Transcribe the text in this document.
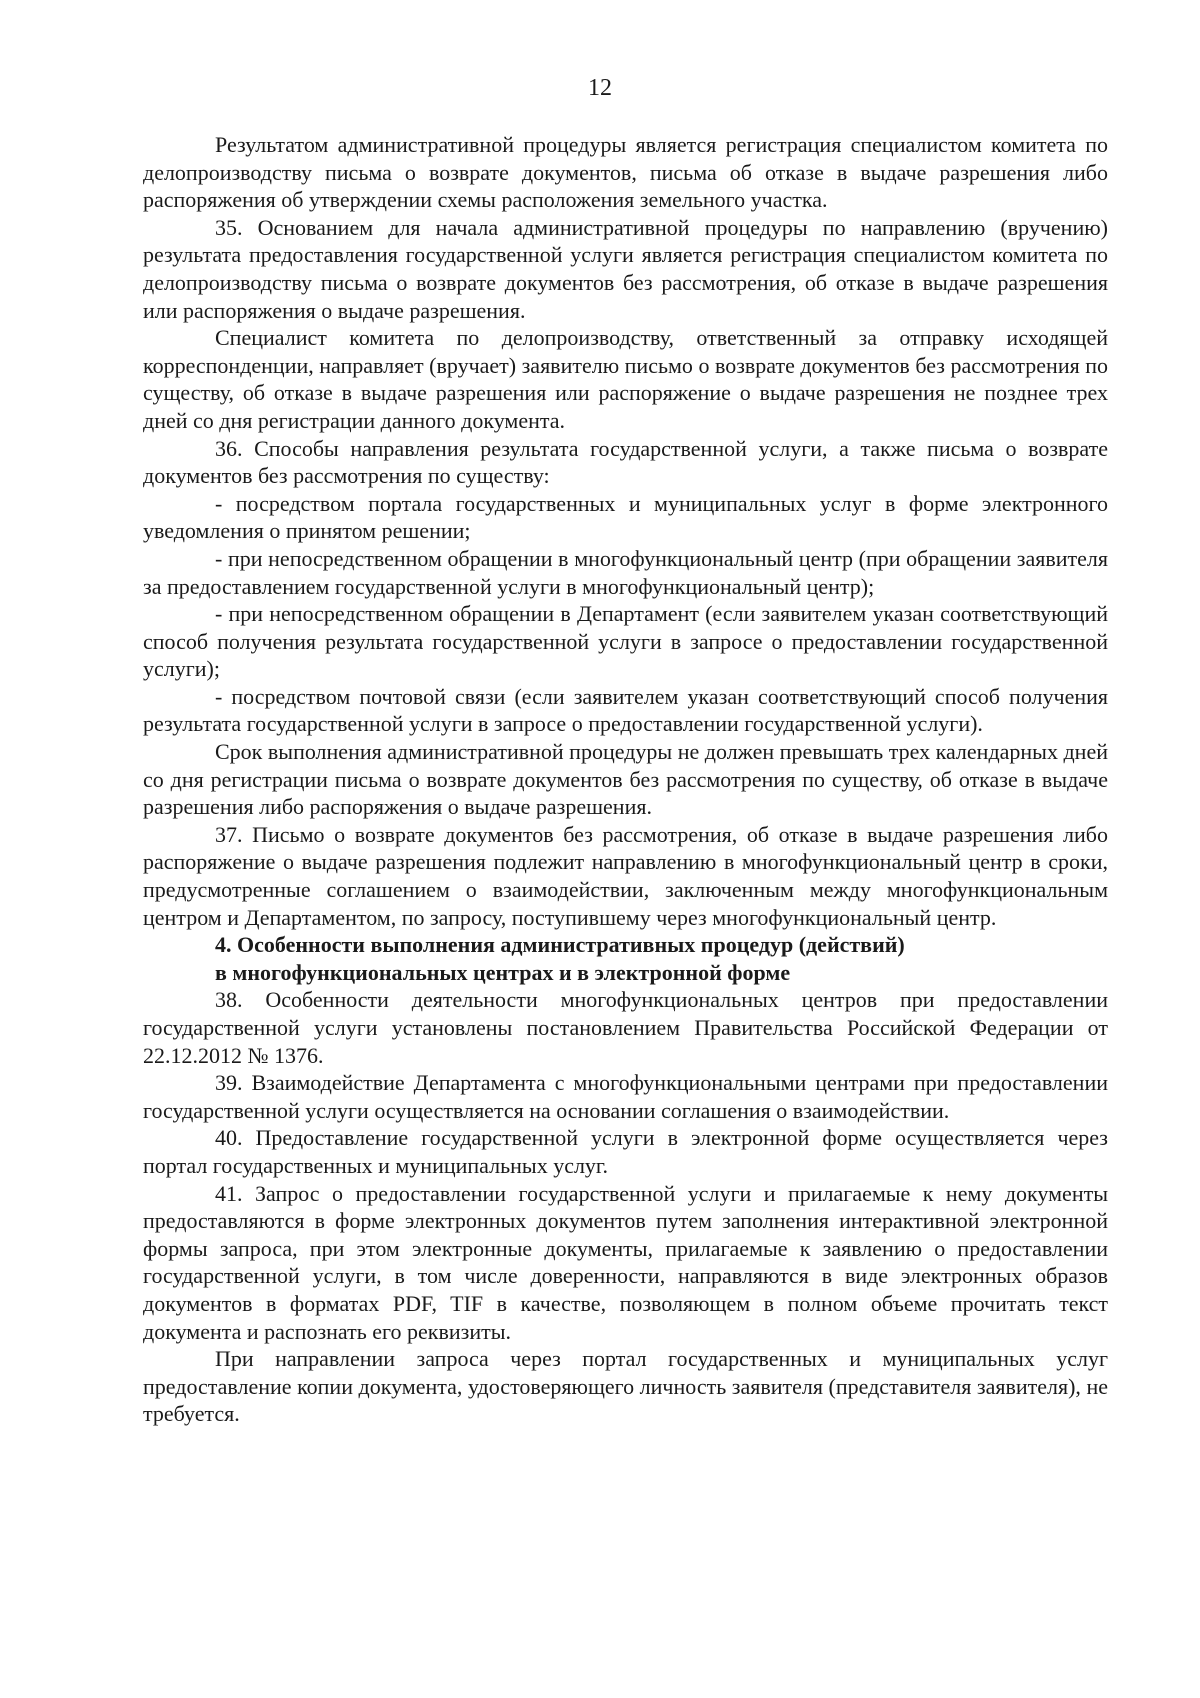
12

Результатом административной процедуры является регистрация специалистом комитета по делопроизводству письма о возврате документов, письма об отказе в выдаче разрешения либо распоряжения об утверждении схемы расположения земельного участка.

35. Основанием для начала административной процедуры по направлению (вручению) результата предоставления государственной услуги является регистрация специалистом комитета по делопроизводству письма о возврате документов без рассмотрения, об отказе в выдаче разрешения или распоряжения о выдаче разрешения.

Специалист комитета по делопроизводству, ответственный за отправку исходящей корреспонденции, направляет (вручает) заявителю письмо о возврате документов без рассмотрения по существу, об отказе в выдаче разрешения или распоряжение о выдаче разрешения не позднее трех дней со дня регистрации данного документа.

36. Способы направления результата государственной услуги, а также письма о возврате документов без рассмотрения по существу:

- посредством портала государственных и муниципальных услуг в форме электронного уведомления о принятом решении;

- при непосредственном обращении в многофункциональный центр (при обращении заявителя за предоставлением государственной услуги в многофункциональный центр);

- при непосредственном обращении в Департамент (если заявителем указан соответствующий способ получения результата государственной услуги в запросе о предоставлении государственной услуги);

- посредством почтовой связи (если заявителем указан соответствующий способ получения результата государственной услуги в запросе о предоставлении государственной услуги).

Срок выполнения административной процедуры не должен превышать трех календарных дней со дня регистрации письма о возврате документов без рассмотрения по существу, об отказе в выдаче разрешения либо распоряжения о выдаче разрешения.

37. Письмо о возврате документов без рассмотрения, об отказе в выдаче разрешения либо распоряжение о выдаче разрешения подлежит направлению в многофункциональный центр в сроки, предусмотренные соглашением о взаимодействии, заключенным между многофункциональным центром и Департаментом, по запросу, поступившему через многофункциональный центр.

4. Особенности выполнения административных процедур (действий)
в многофункциональных центрах и в электронной форме

38. Особенности деятельности многофункциональных центров при предоставлении государственной услуги установлены постановлением Правительства Российской Федерации от 22.12.2012 № 1376.

39. Взаимодействие Департамента с многофункциональными центрами при предоставлении государственной услуги осуществляется на основании соглашения о взаимодействии.

40. Предоставление государственной услуги в электронной форме осуществляется через портал государственных и муниципальных услуг.

41. Запрос о предоставлении государственной услуги и прилагаемые к нему документы предоставляются в форме электронных документов путем заполнения интерактивной электронной формы запроса, при этом электронные документы, прилагаемые к заявлению о предоставлении государственной услуги, в том числе доверенности, направляются в виде электронных образов документов в форматах PDF, TIF в качестве, позволяющем в полном объеме прочитать текст документа и распознать его реквизиты.

При направлении запроса через портал государственных и муниципальных услуг предоставление копии документа, удостоверяющего личность заявителя (представителя заявителя), не требуется.
